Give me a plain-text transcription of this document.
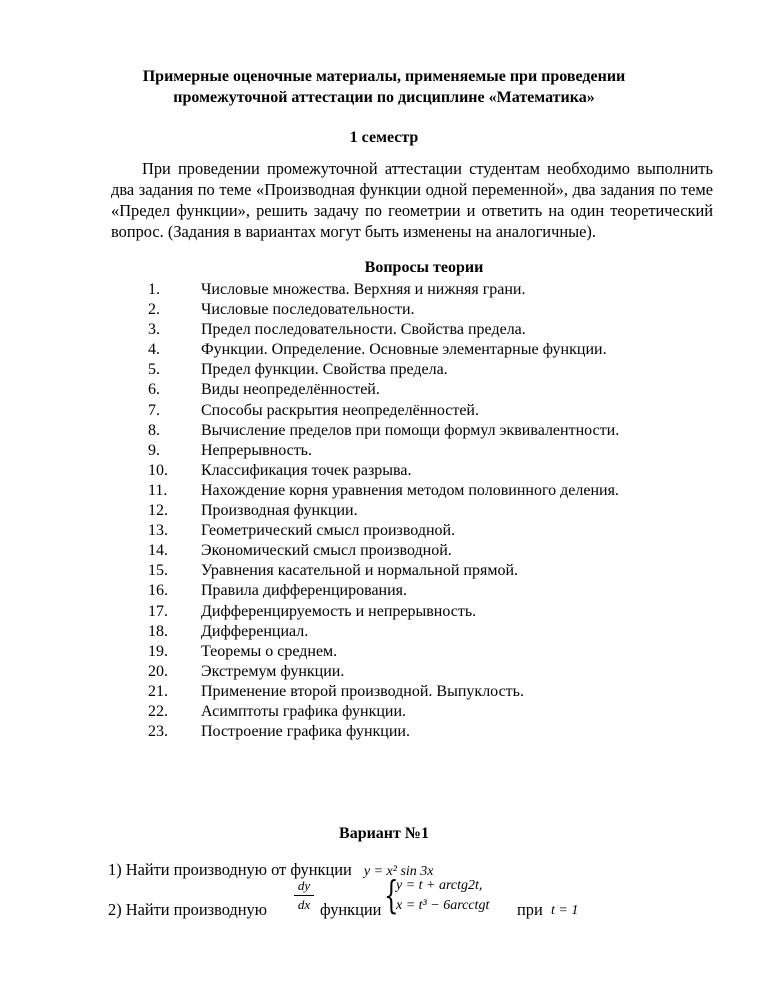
Примерные оценочные материалы, применяемые при проведении
промежуточной аттестации по дисциплине «Математика»
1 семестр

При проведении промежуточной аттестации студентам необходимо выполнить два задания по теме «Производная функции одной переменной», два задания по теме «Предел функции», решить задачу по геометрии и ответить на один теоретический вопрос. (Задания в вариантах могут быть изменены на аналогичные).

Вопросы теории
1.	Числовые множества. Верхняя и нижняя грани.
2.	Числовые последовательности.
3.	Предел последовательности. Свойства предела.
4.	Функции. Определение. Основные элементарные функции.
5.	Предел функции. Свойства предела.
6.	Виды неопределённостей.
7.	Способы раскрытия неопределённостей.
8.	Вычисление пределов при помощи формул эквивалентности.
9.	Непрерывность.
10. Классификация точек разрыва.
11. Нахождение корня уравнения методом половинного деления.
12. Производная функции.
13. Геометрический смысл производной.
14. Экономический смысл производной.
15. Уравнения касательной и нормальной прямой.
16. Правила дифференцирования.
17. Дифференцируемость и непрерывность.
18. Дифференциал.
19. Теоремы о среднем.
20. Экстремум функции.
21. Применение второй производной. Выпуклость.
22. Асимптоты графика функции.
23. Построение графика функции.
Вариант №1
1) Найти производную от функции y = x² sin 3x
2) Найти производную
dy
dx функции {
y = t + arctg2t,
x = t³ − 6arcctgt при t = 1
